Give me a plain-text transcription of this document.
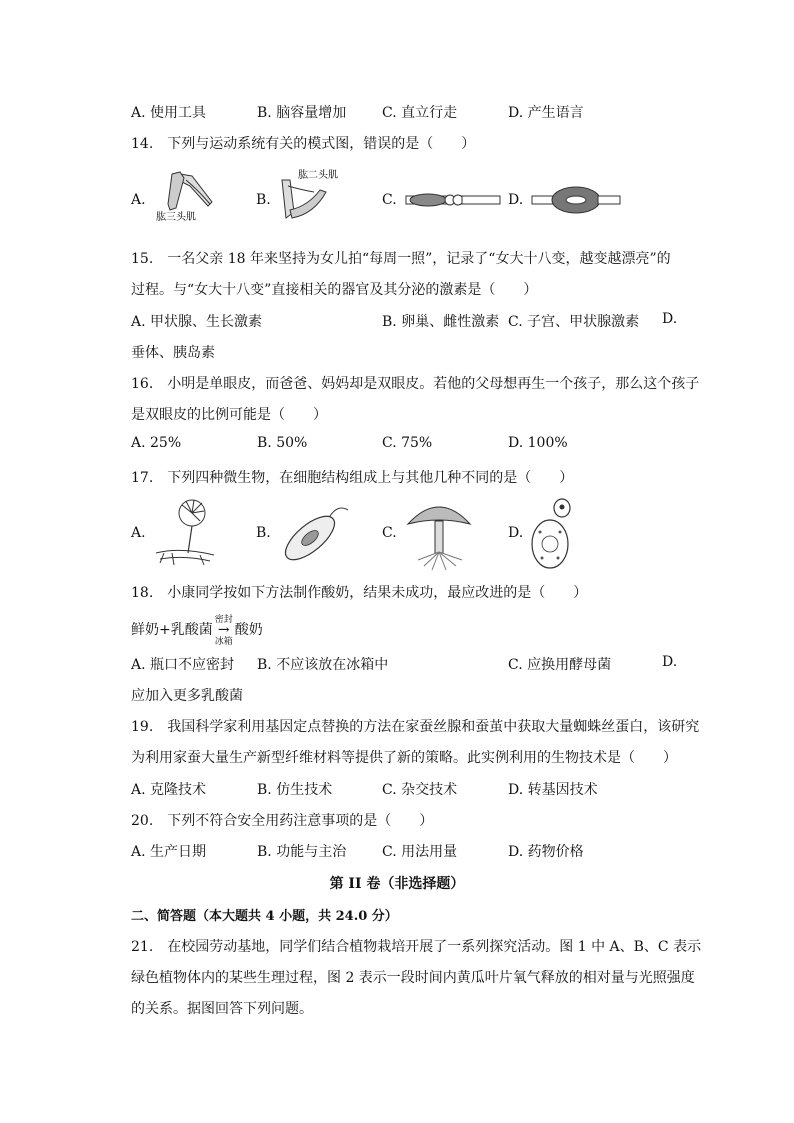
A. 使用工具	B. 脑容量增加	C. 直立行走	D. 产生语言
14.　下列与运动系统有关的模式图，错误的是（　　）
A.
肱三头肌
B.
肱二头肌
C.	D.
15.　一名父亲 18 年来坚持为女儿拍“每周一照”，记录了“女大十八变，越变越漂亮”的
过程。与“女大十八变”直接相关的器官及其分泌的激素是（　　）
A. 甲状腺、生长激素	B. 卵巢、雌性激素 C. 子宫、甲状腺激素 D.
垂体、胰岛素
16.　小明是单眼皮，而爸爸、妈妈却是双眼皮。若他的父母想再生一个孩子，那么这个孩子
是双眼皮的比例可能是（　　）
A. 25%	B. 50%	C. 75%	D. 100%
17.　下列四种微生物，在细胞结构组成上与其他几种不同的是（　　）
A.	B.	C.	D.
18.　小康同学按如下方法制作酸奶，结果未成功，最应改进的是（　　）
鲜奶+乳酸菌
密封
→
冰箱
酸奶
A. 瓶口不应密封 B. 不应该放在冰箱中	C. 应换用酵母菌	D.
应加入更多乳酸菌
19.　我国科学家利用基因定点替换的方法在家蚕丝腺和蚕茧中获取大量蜘蛛丝蛋白，该研究
为利用家蚕大量生产新型纤维材料等提供了新的策略。此实例利用的生物技术是（　　）
A. 克隆技术	B. 仿生技术	C. 杂交技术	D. 转基因技术
20.　下列不符合安全用药注意事项的是（　　）
A. 生产日期	B. 功能与主治	C. 用法用量	D. 药物价格
第 II 卷（非选择题）
二、简答题（本大题共 4 小题，共 24.0 分）
21.　在校园劳动基地，同学们结合植物栽培开展了一系列探究活动。图 1 中 A、B、C 表示
绿色植物体内的某些生理过程，图 2 表示一段时间内黄瓜叶片氧气释放的相对量与光照强度
的关系。据图回答下列问题。
